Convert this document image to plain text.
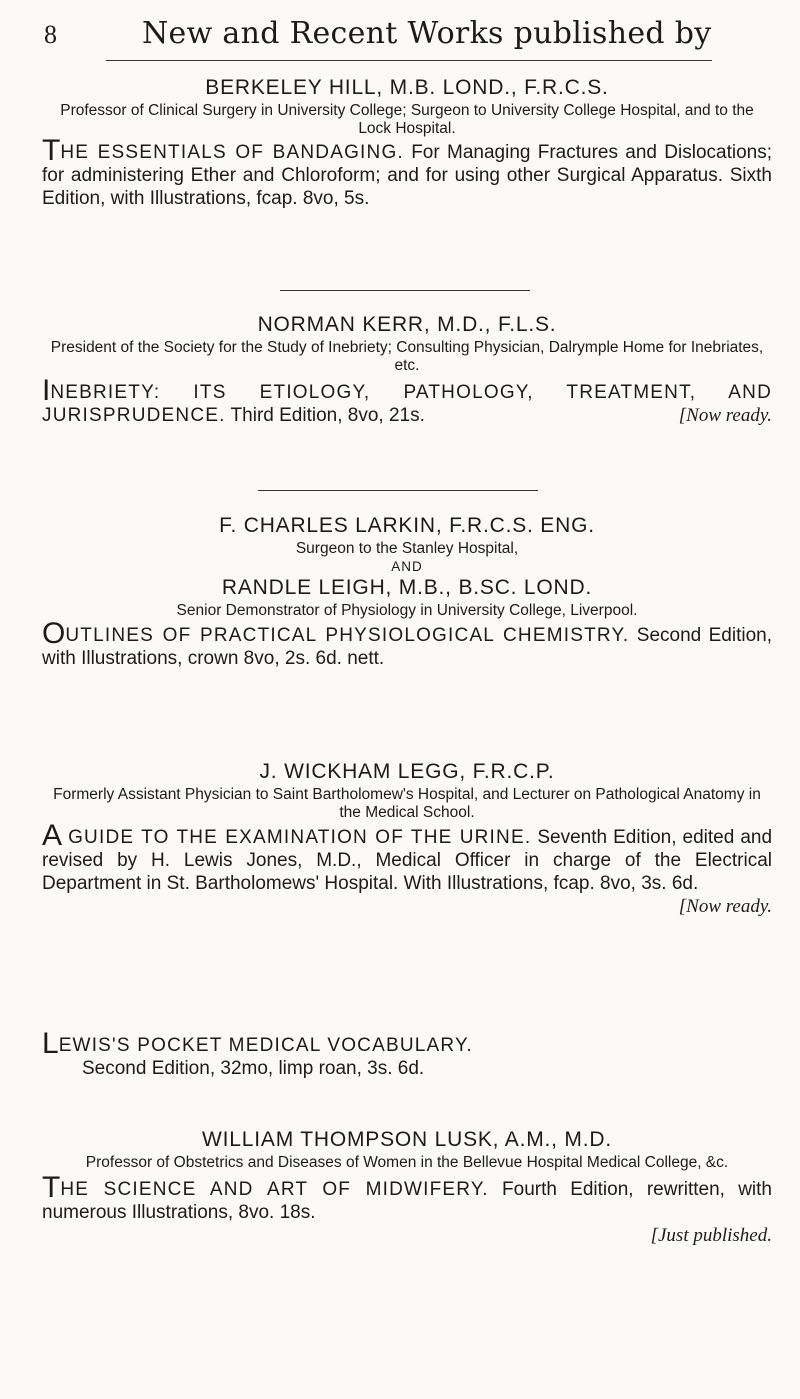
8	New and Recent Works published by
BERKELEY HILL, M.B. LOND., F.R.C.S.
Professor of Clinical Surgery in University College; Surgeon to University College Hospital, and to the Lock Hospital.
THE ESSENTIALS OF BANDAGING. For Managing Fractures and Dislocations; for administering Ether and Chloroform; and for using other Surgical Apparatus. Sixth Edition, with Illustrations, fcap. 8vo, 5s.
NORMAN KERR, M.D., F.L.S.
President of the Society for the Study of Inebriety; Consulting Physician, Dalrymple Home for Inebriates, etc.
INEBRIETY: ITS ETIOLOGY, PATHOLOGY, TREATMENT, AND JURISPRUDENCE. Third Edition, 8vo, 21s.	[Now ready.
F. CHARLES LARKIN, F.R.C.S. ENG.
Surgeon to the Stanley Hospital,
AND
RANDLE LEIGH, M.B., B.SC. LOND.
Senior Demonstrator of Physiology in University College, Liverpool.
OUTLINES OF PRACTICAL PHYSIOLOGICAL CHEMISTRY. Second Edition, with Illustrations, crown 8vo, 2s. 6d. nett.
J. WICKHAM LEGG, F.R.C.P.
Formerly Assistant Physician to Saint Bartholomew's Hospital, and Lecturer on Pathological Anatomy in the Medical School.
A GUIDE TO THE EXAMINATION OF THE URINE. Seventh Edition, edited and revised by H. Lewis Jones, M.D., Medical Officer in charge of the Electrical Department in St. Bartholomews' Hospital. With Illustrations, fcap. 8vo, 3s. 6d.
[Now ready.
LEWIS'S POCKET MEDICAL VOCABULARY.
Second Edition, 32mo, limp roan, 3s. 6d.
WILLIAM THOMPSON LUSK, A.M., M.D.
Professor of Obstetrics and Diseases of Women in the Bellevue Hospital Medical College, &c.
THE SCIENCE AND ART OF MIDWIFERY. Fourth Edition, rewritten, with numerous Illustrations, 8vo. 18s.
[Just published.
